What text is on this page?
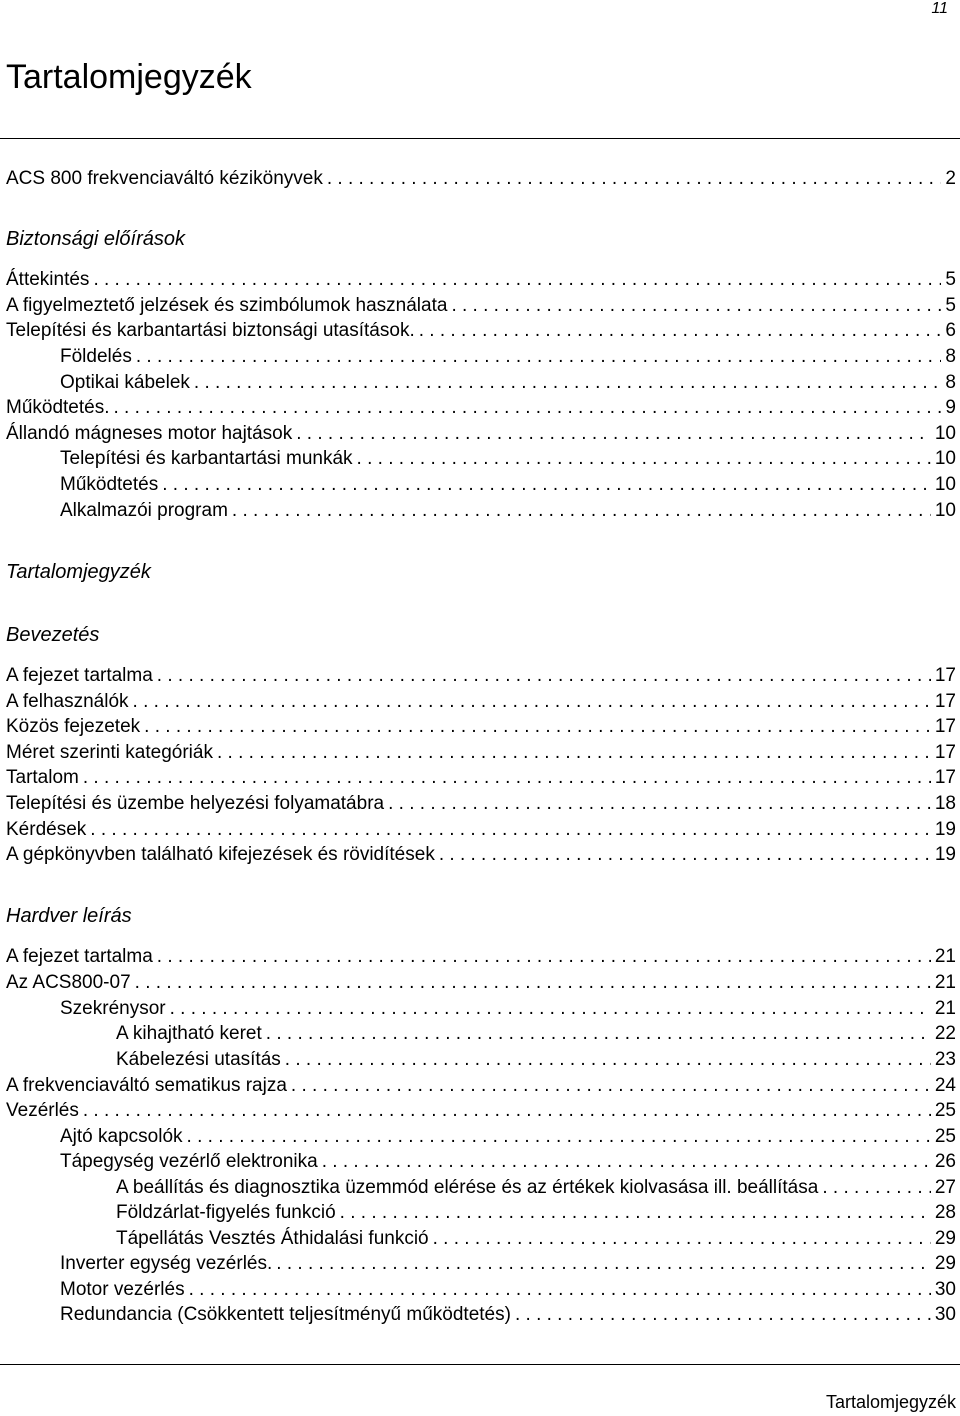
11
Tartalomjegyzék
ACS 800 frekvenciaváltó kézikönyvek . . .	2
Biztonsági előírások
Áttekintés . . .	5
A figyelmeztető jelzések és szimbólumok használata . . .	5
Telepítési és karbantartási biztonsági utasítások. . . .	6
Földelés . . .	8
Optikai kábelek . . .	8
Működtetés. . . .	9
Állandó mágneses motor hajtások . . .	10
Telepítési és karbantartási munkák . . .	10
Működtetés . . .	10
Alkalmazói program . . .	10
Tartalomjegyzék
Bevezetés
A fejezet tartalma . . .	17
A felhasználók . . .	17
Közös fejezetek . . .	17
Méret szerinti kategóriák . . .	17
Tartalom . . .	17
Telepítési és üzembe helyezési folyamatábra . . .	18
Kérdések . . .	19
A gépkönyvben található kifejezések és rövidítések . . .	19
Hardver leírás
A fejezet tartalma . . .	21
Az ACS800-07 . . .	21
Szekrénysor . . .	21
A kihajtható keret . . .	22
Kábelezési utasítás . . .	23
A frekvenciaváltó sematikus rajza . . .	24
Vezérlés . . .	25
Ajtó kapcsolók . . .	25
Tápegység vezérlő elektronika . . .	26
A beállítás és diagnosztika üzemmód elérése és az értékek kiolvasása ill. beállítása . . .	27
Földzárlat-figyelés funkció . . .	28
Tápellátás Vesztés Áthidalási funkció . . .	29
Inverter egység vezérlés. . . .	29
Motor vezérlés . . .	30
Redundancia (Csökkentett teljesítményű működtetés) . . .	30
Tartalomjegyzék
